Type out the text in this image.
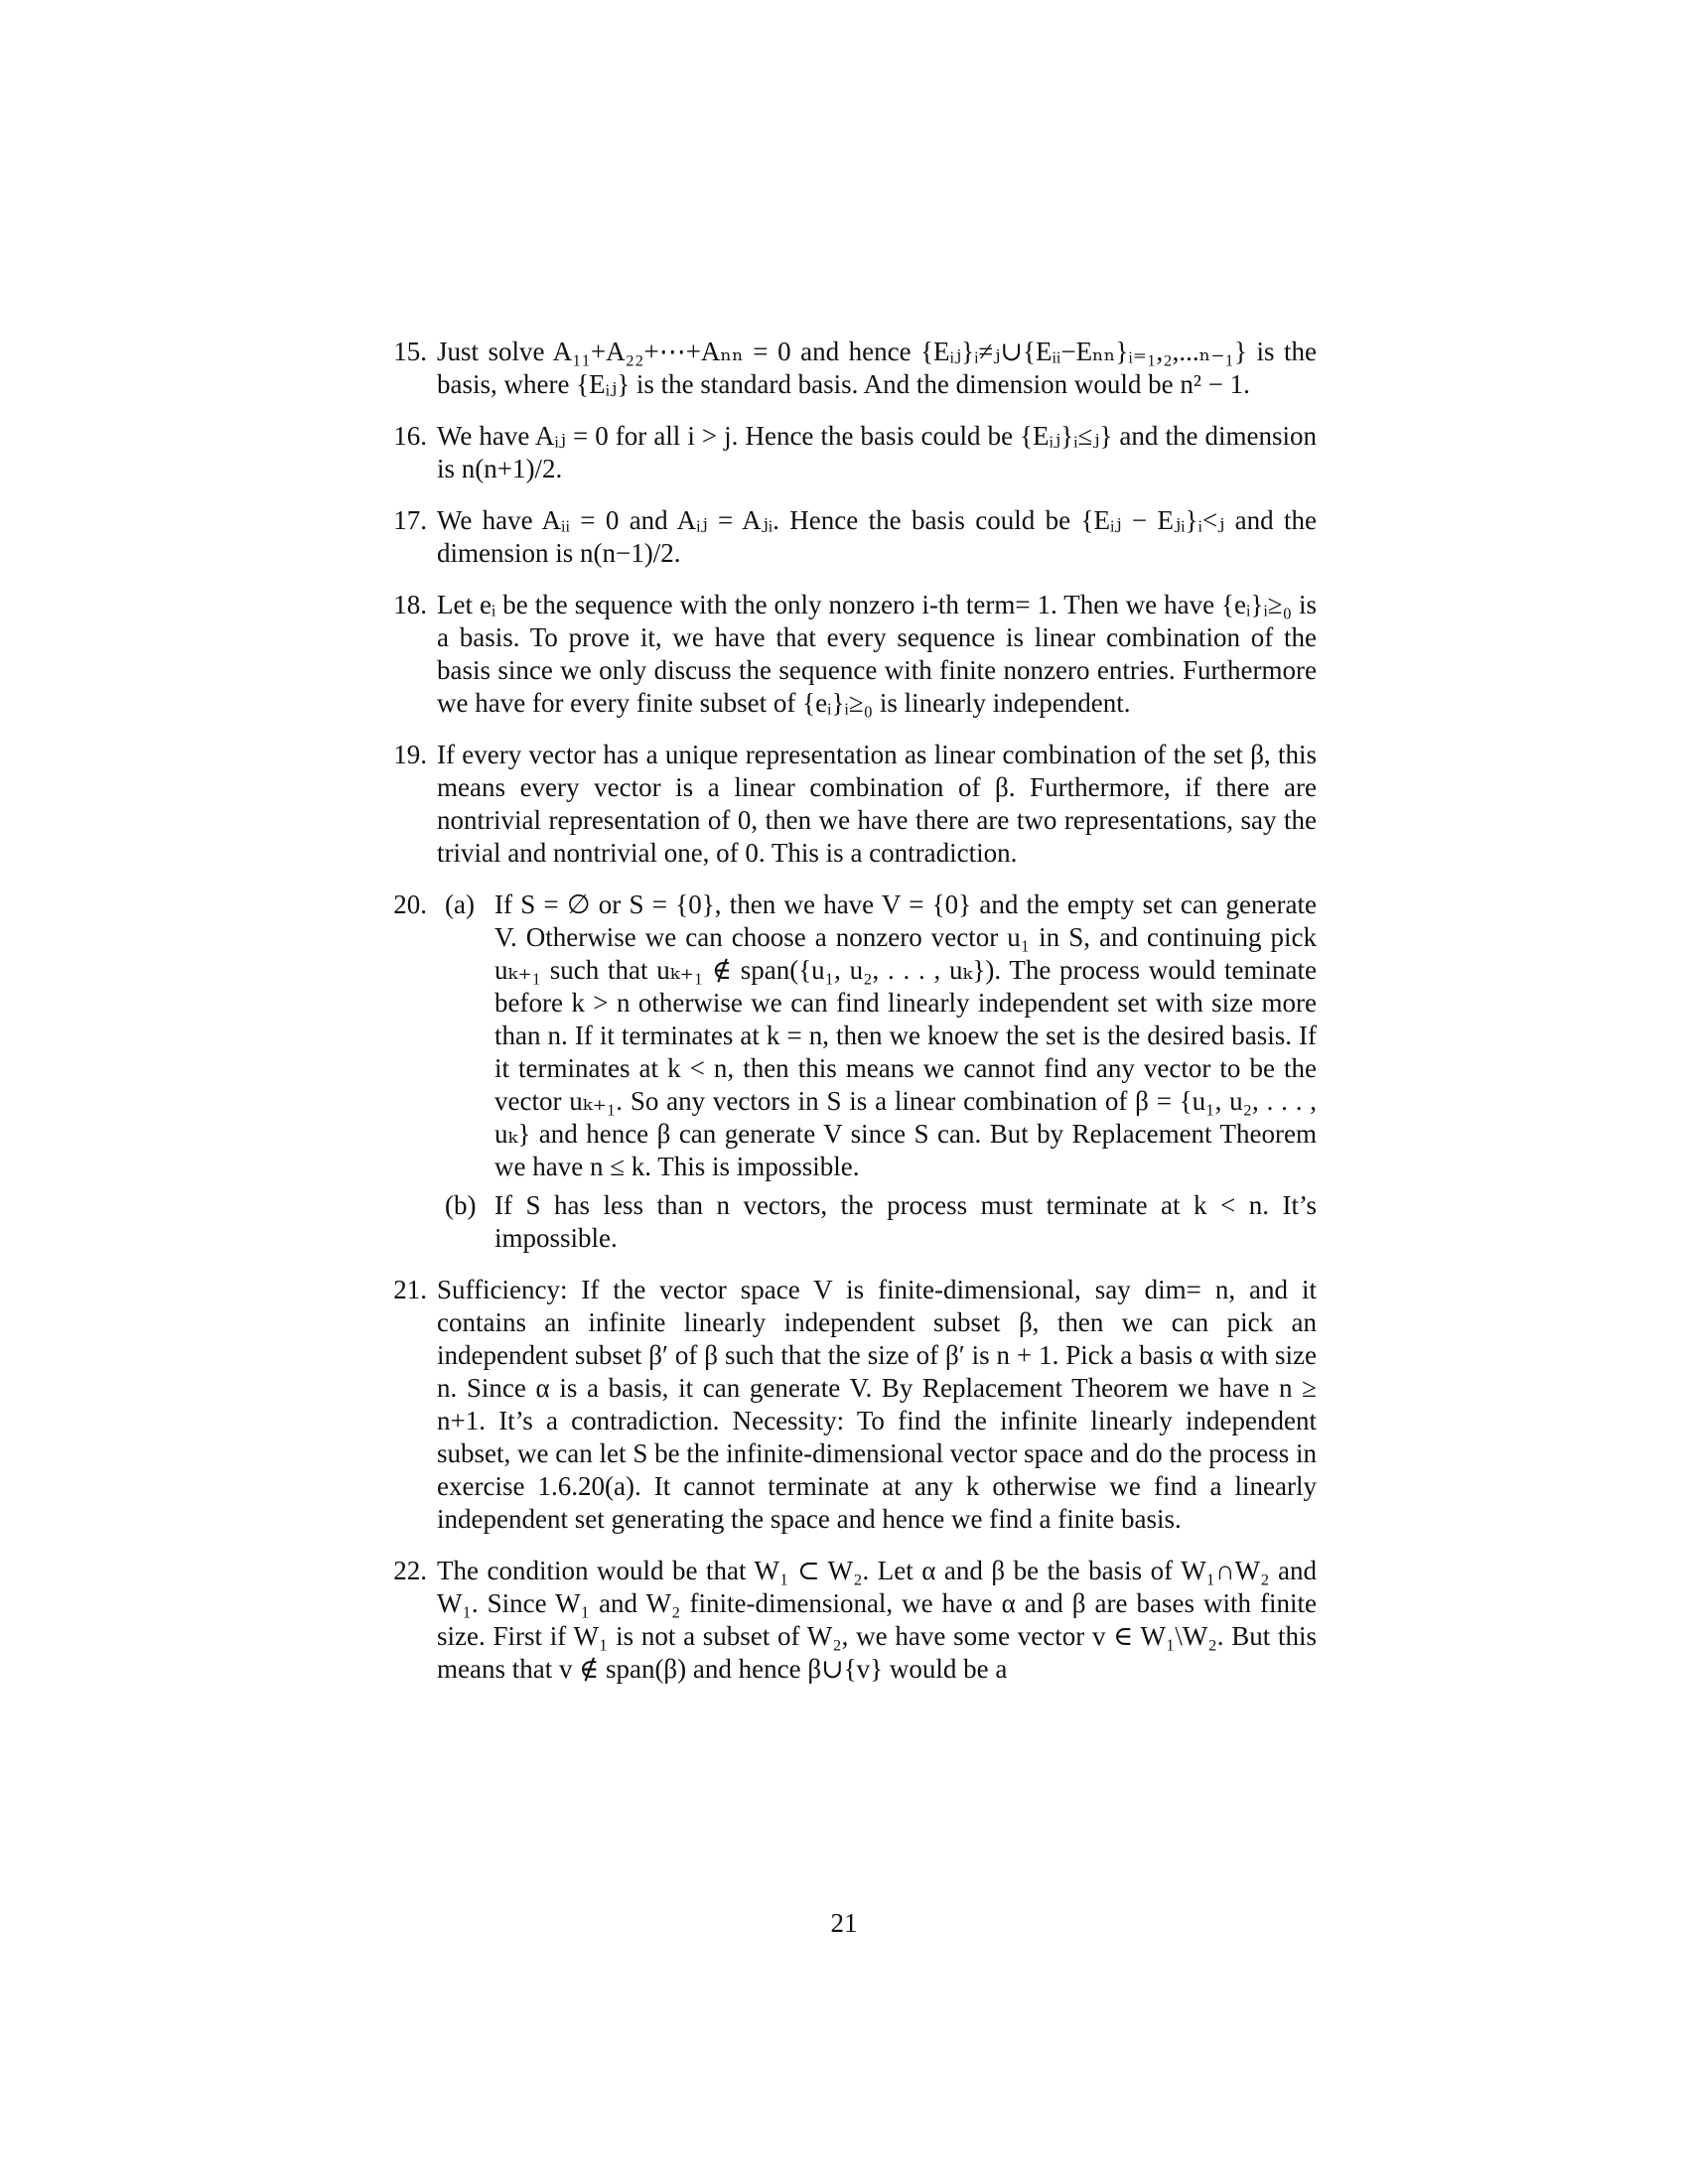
15. Just solve A₁₁+A₂₂+⋯+Aₙₙ = 0 and hence {Eᵢⱼ}ᵢ≠ⱼ∪{Eᵢᵢ−Eₙₙ}ᵢ₌₁,₂,...ₙ₋₁} is the basis, where {Eᵢⱼ} is the standard basis. And the dimension would be n² − 1.
16. We have Aᵢⱼ = 0 for all i > j. Hence the basis could be {Eᵢⱼ}ᵢ≤ⱼ} and the dimension is n(n+1)/2.
17. We have Aᵢᵢ = 0 and Aᵢⱼ = Aⱼᵢ. Hence the basis could be {Eᵢⱼ − Eⱼᵢ}ᵢ<ⱼ and the dimension is n(n−1)/2.
18. Let eᵢ be the sequence with the only nonzero i-th term= 1. Then we have {eᵢ}ᵢ≥₀ is a basis. To prove it, we have that every sequence is linear combination of the basis since we only discuss the sequence with finite nonzero entries. Furthermore we have for every finite subset of {eᵢ}ᵢ≥₀ is linearly independent.
19. If every vector has a unique representation as linear combination of the set β, this means every vector is a linear combination of β. Furthermore, if there are nontrivial representation of 0, then we have there are two representations, say the trivial and nontrivial one, of 0. This is a contradiction.
20. (a) If S = ∅ or S = {0}, then we have V = {0} and the empty set can generate V. Otherwise we can choose a nonzero vector u₁ in S, and continuing pick uₖ₊₁ such that uₖ₊₁ ∉ span({u₁, u₂, . . . , uₖ}). The process would teminate before k > n otherwise we can find linearly independent set with size more than n. If it terminates at k = n, then we knoew the set is the desired basis. If it terminates at k < n, then this means we cannot find any vector to be the vector uₖ₊₁. So any vectors in S is a linear combination of β = {u₁, u₂, . . . , uₖ} and hence β can generate V since S can. But by Replacement Theorem we have n ≤ k. This is impossible.
(b) If S has less than n vectors, the process must terminate at k < n. It’s impossible.
21. Sufficiency: If the vector space V is finite-dimensional, say dim= n, and it contains an infinite linearly independent subset β, then we can pick an independent subset β′ of β such that the size of β′ is n + 1. Pick a basis α with size n. Since α is a basis, it can generate V. By Replacement Theorem we have n ≥ n+1. It’s a contradiction. Necessity: To find the infinite linearly independent subset, we can let S be the infinite-dimensional vector space and do the process in exercise 1.6.20(a). It cannot terminate at any k otherwise we find a linearly independent set generating the space and hence we find a finite basis.
22. The condition would be that W₁ ⊂ W₂. Let α and β be the basis of W₁∩W₂ and W₁. Since W₁ and W₂ finite-dimensional, we have α and β are bases with finite size. First if W₁ is not a subset of W₂, we have some vector v ∈ W₁\W₂. But this means that v ∉ span(β) and hence β∪{v} would be a
21
